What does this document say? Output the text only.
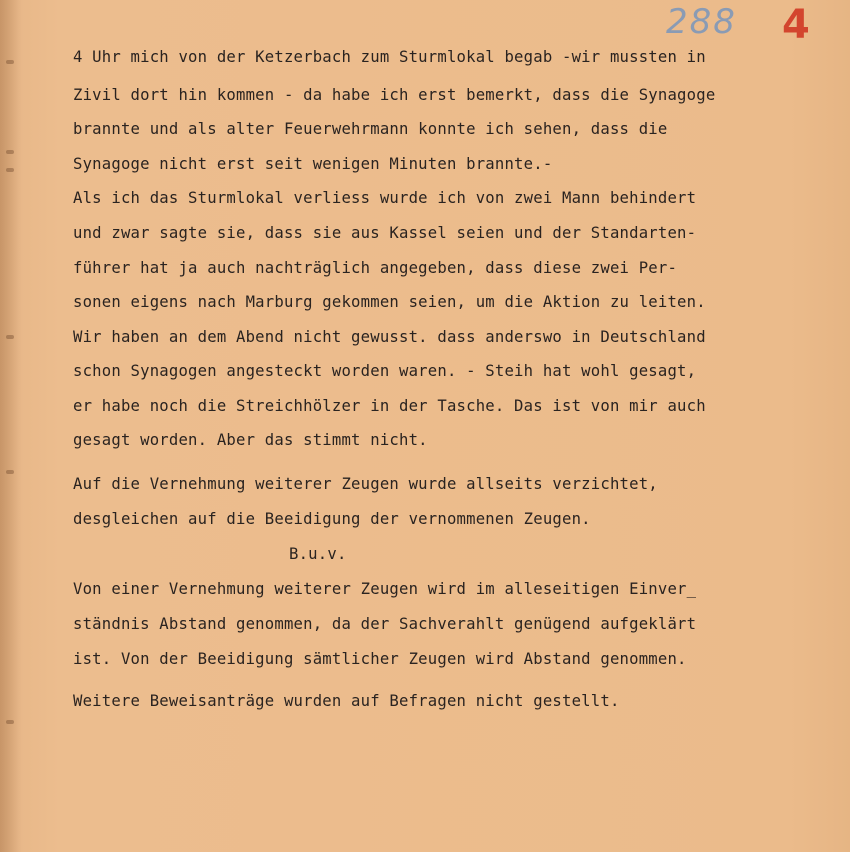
288 4
4 Uhr mich von der Ketzerbach zum Sturmlokal begab -wir mussten in
Zivil dort hin kommen - da habe ich erst bemerkt, dass die Synagoge
brannte und als alter Feuerwehrmann konnte ich sehen, dass die
Synagoge nicht erst seit wenigen Minuten brannte.-
Als ich das Sturmlokal verliess wurde ich von zwei Mann behindert
und zwar sagte sie, dass sie aus Kassel seien und der Standarten-
führer hat ja auch nachträglich angegeben, dass diese zwei Per-
sonen eigens nach Marburg gekommen seien, um die Aktion zu leiten.
Wir haben an dem Abend nicht gewusst. dass anderswo in Deutschland
schon Synagogen angesteckt worden waren. - Steih hat wohl gesagt,
er habe noch die Streichhölzer in der Tasche. Das ist von mir auch
gesagt worden. Aber das stimmt nicht.
Auf die Vernehmung weiterer Zeugen wurde allseits verzichtet,
desgleichen auf die Beeidigung der vernommenen Zeugen.
B.u.v.
Von einer Vernehmung weiterer Zeugen wird im alleseitigen Einver_
ständnis Abstand genommen, da der Sachverahlt genügend aufgeklärt
ist. Von der Beeidigung sämtlicher Zeugen wird Abstand genommen.
Weitere Beweisanträge wurden auf Befragen nicht gestellt.
